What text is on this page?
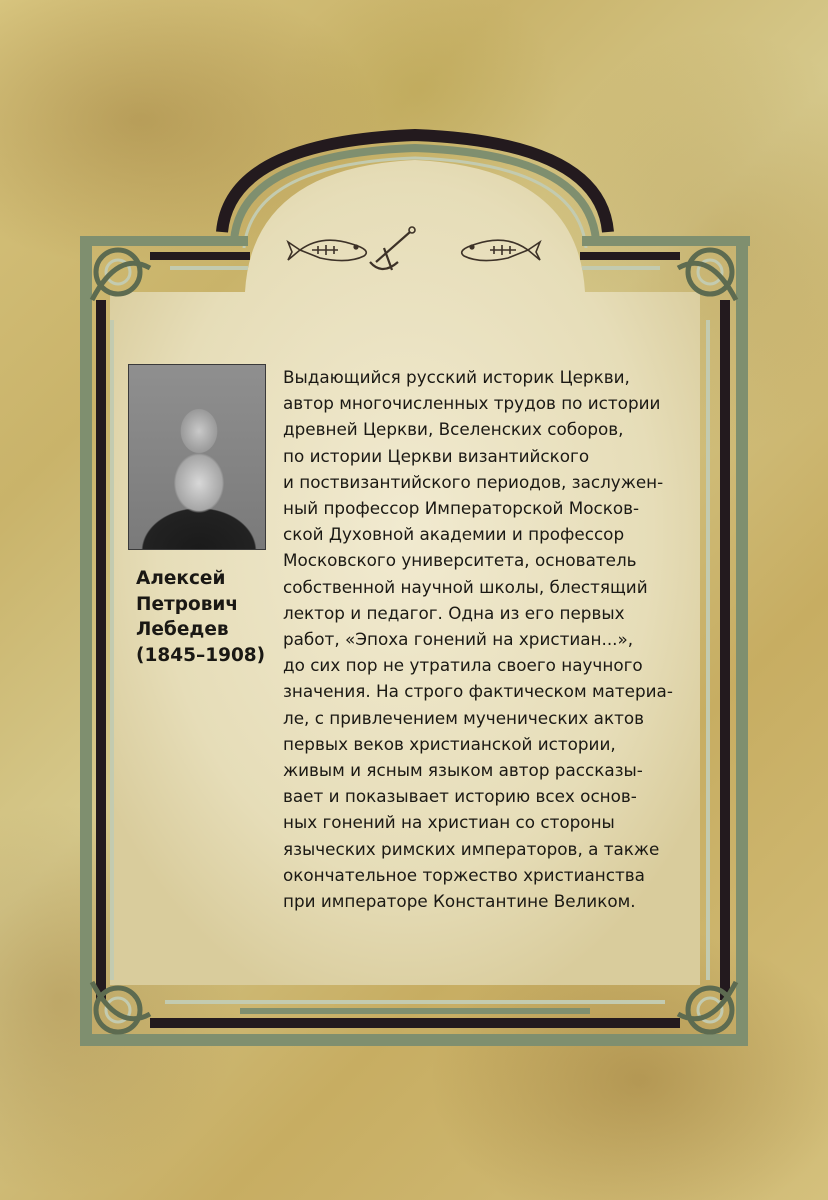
Алексей
Петрович
Лебедев
(1845–1908)
Выдающийся русский историк Церкви,
автор многочисленных трудов по истории
древней Церкви, Вселенских соборов,
по истории Церкви византийского
и поствизантийского периодов, заслужен-
ный профессор Императорской Москов-
ской Духовной академии и профессор
Московского университета, основатель
собственной научной школы, блестящий
лектор и педагог. Одна из его первых
работ, «Эпоха гонений на христиан...»,
до сих пор не утратила своего научного
значения. На строго фактическом материа-
ле, с привлечением мученических актов
первых веков христианской истории,
живым и ясным языком автор рассказы-
вает и показывает историю всех основ-
ных гонений на христиан со стороны
языческих римских императоров, а также
окончательное торжество христианства
при императоре Константине Великом.
